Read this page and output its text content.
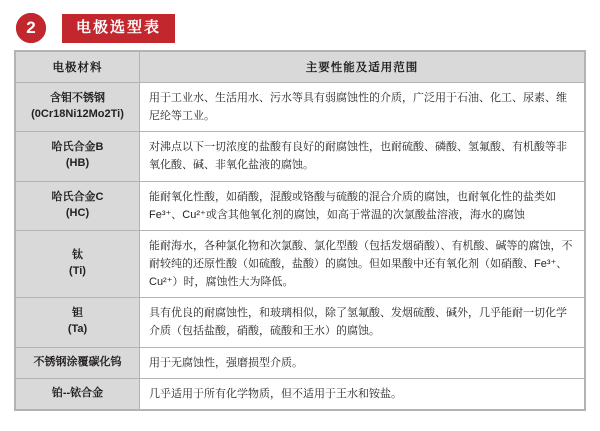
2	电极选型表
电极材料	主要性能及适用范围

含钼不锈钢
(0Cr18Ni12Mo2Ti)	用于工业水、生活用水、污水等具有弱腐蚀性的介质，广泛用于石油、化工、尿素、维尼纶等工业。

哈氏合金B
(HB)	对沸点以下一切浓度的盐酸有良好的耐腐蚀性，也耐硫酸、磷酸、氢氟酸、有机酸等非氧化酸、碱、非氧化盐液的腐蚀。

哈氏合金C
(HC)	能耐氧化性酸，如硝酸，混酸或铬酸与硫酸的混合介质的腐蚀，也耐氧化性的盐类如Fe³⁺、Cu²⁺或含其他氧化剂的腐蚀，如高于常温的次氯酸盐溶液，海水的腐蚀

钛
(Ti)	能耐海水，各种氯化物和次氯酸、氯化型酸（包括发烟硝酸）、有机酸、碱等的腐蚀，不耐较纯的还原性酸（如硫酸，盐酸）的腐蚀。但如果酸中还有氧化剂（如硝酸、Fe³⁺、Cu²⁺）时，腐蚀性大为降低。

钽
(Ta)	具有优良的耐腐蚀性，和玻璃相似，除了氢氟酸、发烟硫酸、碱外，几乎能耐一切化学介质（包括盐酸，硝酸，硫酸和王水）的腐蚀。

不锈钢涂覆碳化钨	用于无腐蚀性，强磨损型介质。

铂--铱合金	几乎适用于所有化学物质，但不适用于王水和铵盐。
